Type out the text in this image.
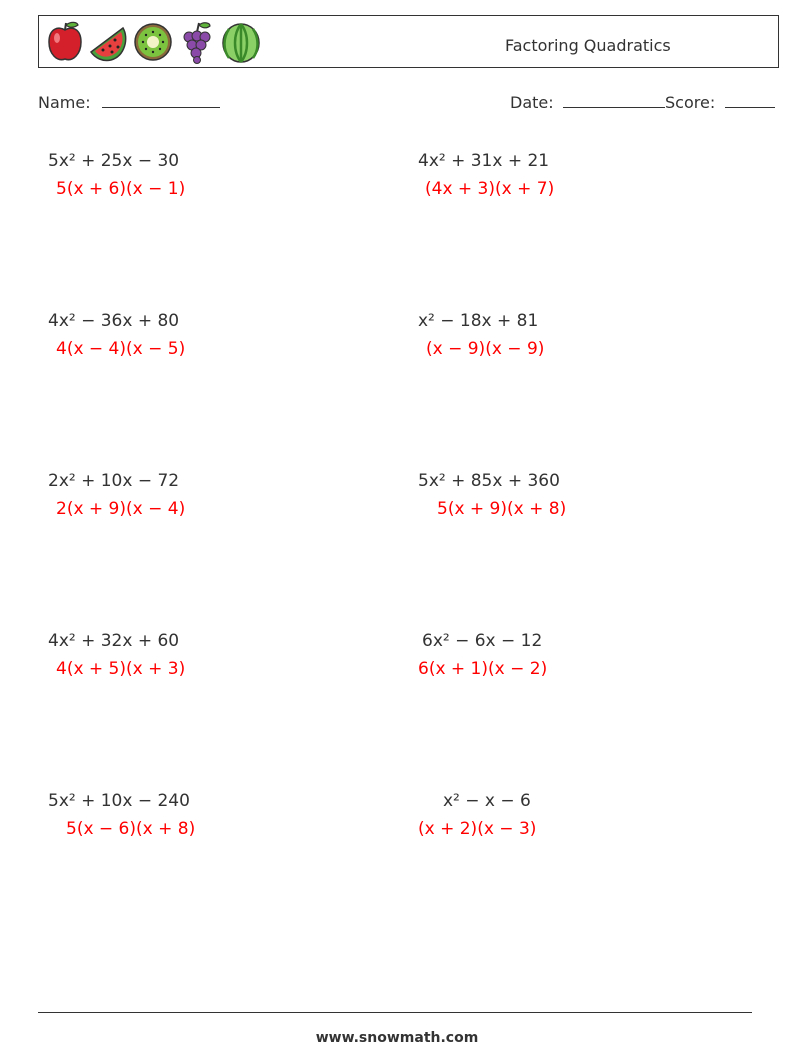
Factoring Quadratics
Name:	Date:	Score:
5x² + 25x − 30
5(x + 6)(x − 1)
4x² + 31x + 21
(4x + 3)(x + 7)
4x² − 36x + 80
4(x − 4)(x − 5)
x² − 18x + 81
(x − 9)(x − 9)
2x² + 10x − 72
2(x + 9)(x − 4)
5x² + 85x + 360
5(x + 9)(x + 8)
4x² + 32x + 60
4(x + 5)(x + 3)
6x² − 6x − 12
6(x + 1)(x − 2)
5x² + 10x − 240
5(x − 6)(x + 8)
x² − x − 6
(x + 2)(x − 3)
www.snowmath.com
